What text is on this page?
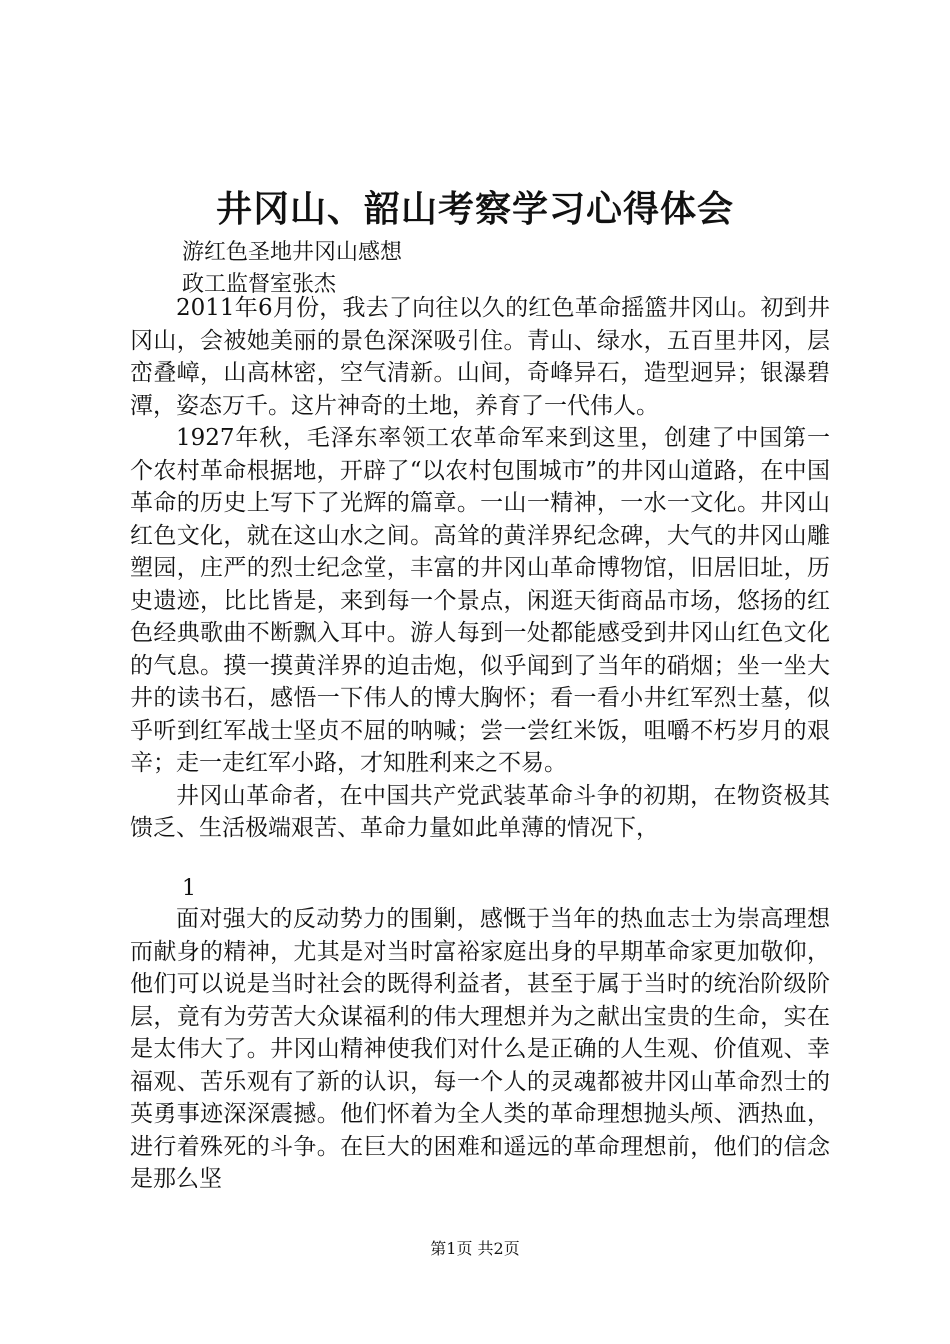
井冈山、韶山考察学习心得体会

游红色圣地井冈山感想

政工监督室张杰

2011年6月份，我去了向往以久的红色革命摇篮井冈山。初到井冈山，会被她美丽的景色深深吸引住。青山、绿水，五百里井冈，层峦叠嶂，山高林密，空气清新。山间，奇峰异石，造型迥异；银瀑碧潭，姿态万千。这片神奇的土地，养育了一代伟人。

1927年秋，毛泽东率领工农革命军来到这里，创建了中国第一个农村革命根据地，开辟了“以农村包围城市”的井冈山道路，在中国革命的历史上写下了光辉的篇章。一山一精神，一水一文化。井冈山红色文化，就在这山水之间。高耸的黄洋界纪念碑，大气的井冈山雕塑园，庄严的烈士纪念堂，丰富的井冈山革命博物馆，旧居旧址，历史遗迹，比比皆是，来到每一个景点，闲逛天街商品市场，悠扬的红色经典歌曲不断飘入耳中。游人每到一处都能感受到井冈山红色文化的气息。摸一摸黄洋界的迫击炮，似乎闻到了当年的硝烟；坐一坐大井的读书石，感悟一下伟人的博大胸怀；看一看小井红军烈士墓，似乎听到红军战士坚贞不屈的呐喊；尝一尝红米饭，咀嚼不朽岁月的艰辛；走一走红军小路，才知胜利来之不易。

井冈山革命者，在中国共产党武装革命斗争的初期，在物资极其馈乏、生活极端艰苦、革命力量如此单薄的情况下，

1

面对强大的反动势力的围剿，感慨于当年的热血志士为崇高理想而献身的精神，尤其是对当时富裕家庭出身的早期革命家更加敬仰，他们可以说是当时社会的既得利益者，甚至于属于当时的统治阶级阶层，竟有为劳苦大众谋福利的伟大理想并为之献出宝贵的生命，实在是太伟大了。井冈山精神使我们对什么是正确的人生观、价值观、幸福观、苦乐观有了新的认识，每一个人的灵魂都被井冈山革命烈士的英勇事迹深深震撼。他们怀着为全人类的革命理想抛头颅、洒热血，进行着殊死的斗争。在巨大的困难和遥远的革命理想前，他们的信念是那么坚

第1页 共2页
